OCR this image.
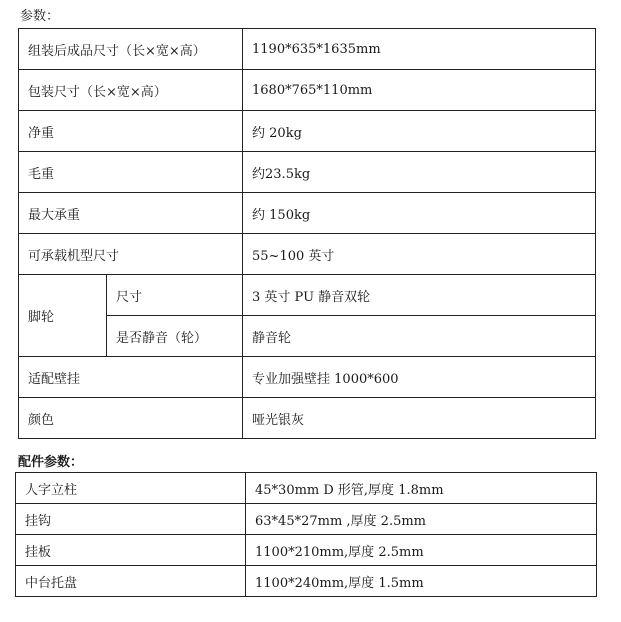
参数：
组装后成品尺寸（长×宽×高）		1190*635*1635mm
包装尺寸（长×宽×高）		1680*765*110mm
净重		约 20kg
毛重		约23.5kg
最大承重		约 150kg
可承载机型尺寸		55~100 英寸
脚轮	尺寸	3 英寸 PU 静音双轮
	是否静音（轮）	静音轮
适配壁挂		专业加强壁挂 1000*600
颜色		哑光银灰
配件参数：
人字立柱	45*30mm D 形管,厚度 1.8mm
挂钩	63*45*27mm ,厚度 2.5mm
挂板	1100*210mm,厚度 2.5mm
中台托盘	1100*240mm,厚度 1.5mm
